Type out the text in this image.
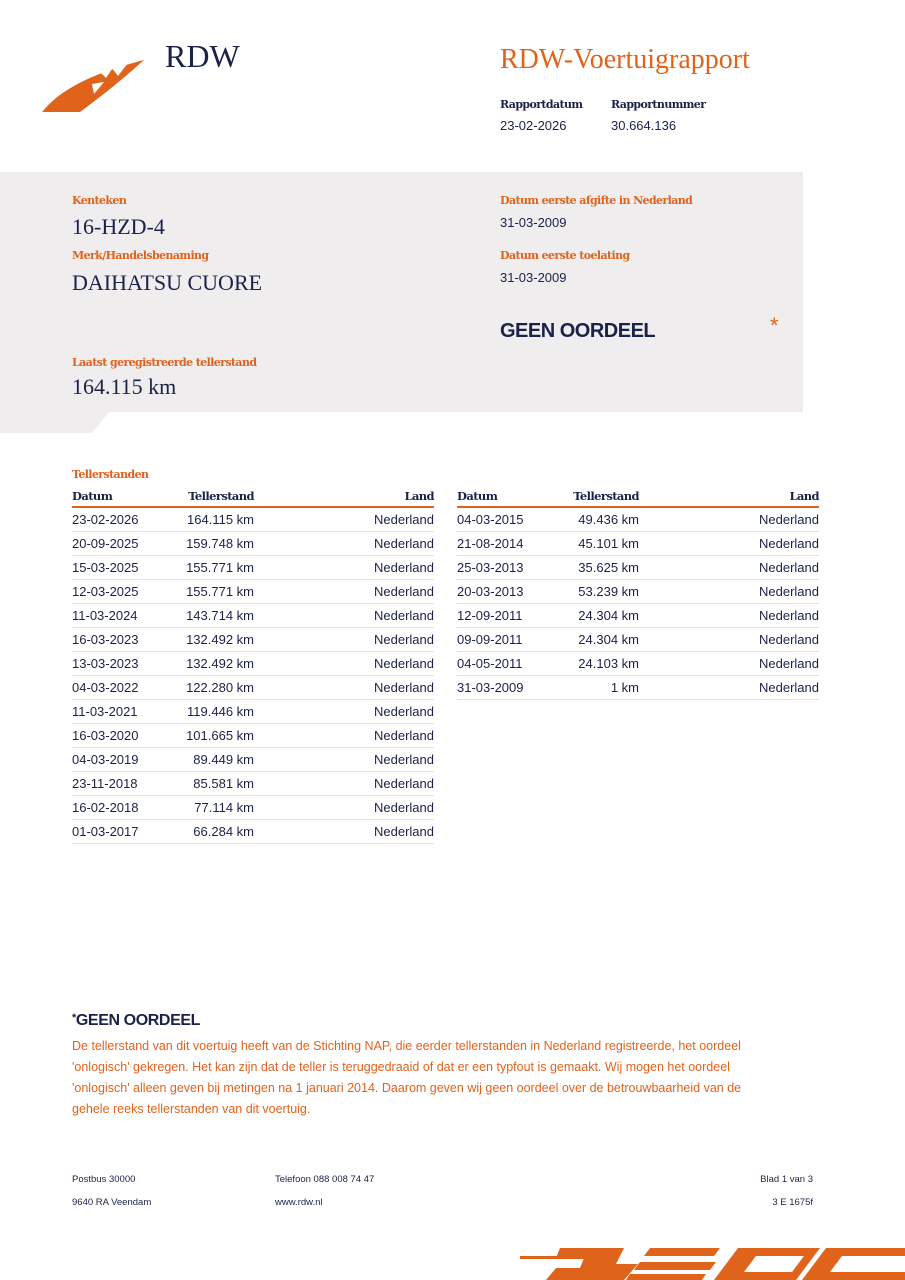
RDW	RDW-Voertuigrapport
Rapportdatum
23-02-2026
Rapportnummer
30.664.136
Kenteken
16-HZD-4
Merk/Handelsbenaming
DAIHATSU CUORE
Laatst geregistreerde tellerstand
164.115 km
Datum eerste afgifte in Nederland
31-03-2009
Datum eerste toelating
31-03-2009
GEEN OORDEEL	*
Tellerstanden
Datum	Tellerstand	Land
23-02-2026	164.115 km	Nederland
20-09-2025	159.748 km	Nederland
15-03-2025	155.771 km	Nederland
12-03-2025	155.771 km	Nederland
11-03-2024	143.714 km	Nederland
16-03-2023	132.492 km	Nederland
13-03-2023	132.492 km	Nederland
04-03-2022	122.280 km	Nederland
11-03-2021	119.446 km	Nederland
16-03-2020	101.665 km	Nederland
04-03-2019	89.449 km	Nederland
23-11-2018	85.581 km	Nederland
16-02-2018	77.114 km	Nederland
01-03-2017	66.284 km	Nederland
Datum	Tellerstand	Land
04-03-2015	49.436 km	Nederland
21-08-2014	45.101 km	Nederland
25-03-2013	35.625 km	Nederland
20-03-2013	53.239 km	Nederland
12-09-2011	24.304 km	Nederland
09-09-2011	24.304 km	Nederland
04-05-2011	24.103 km	Nederland
31-03-2009	1 km	Nederland
*GEEN OORDEEL
De tellerstand van dit voertuig heeft van de Stichting NAP, die eerder tellerstanden in Nederland registreerde, het oordeel 'onlogisch' gekregen. Het kan zijn dat de teller is teruggedraaid of dat er een typfout is gemaakt. Wij mogen het oordeel 'onlogisch' alleen geven bij metingen na 1 januari 2014. Daarom geven wij geen oordeel over de betrouwbaarheid van de gehele reeks tellerstanden van dit voertuig.
Postbus 30000
9640 RA Veendam
Telefoon 088 008 74 47
www.rdw.nl
Blad 1 van 3
3 E 1675f
